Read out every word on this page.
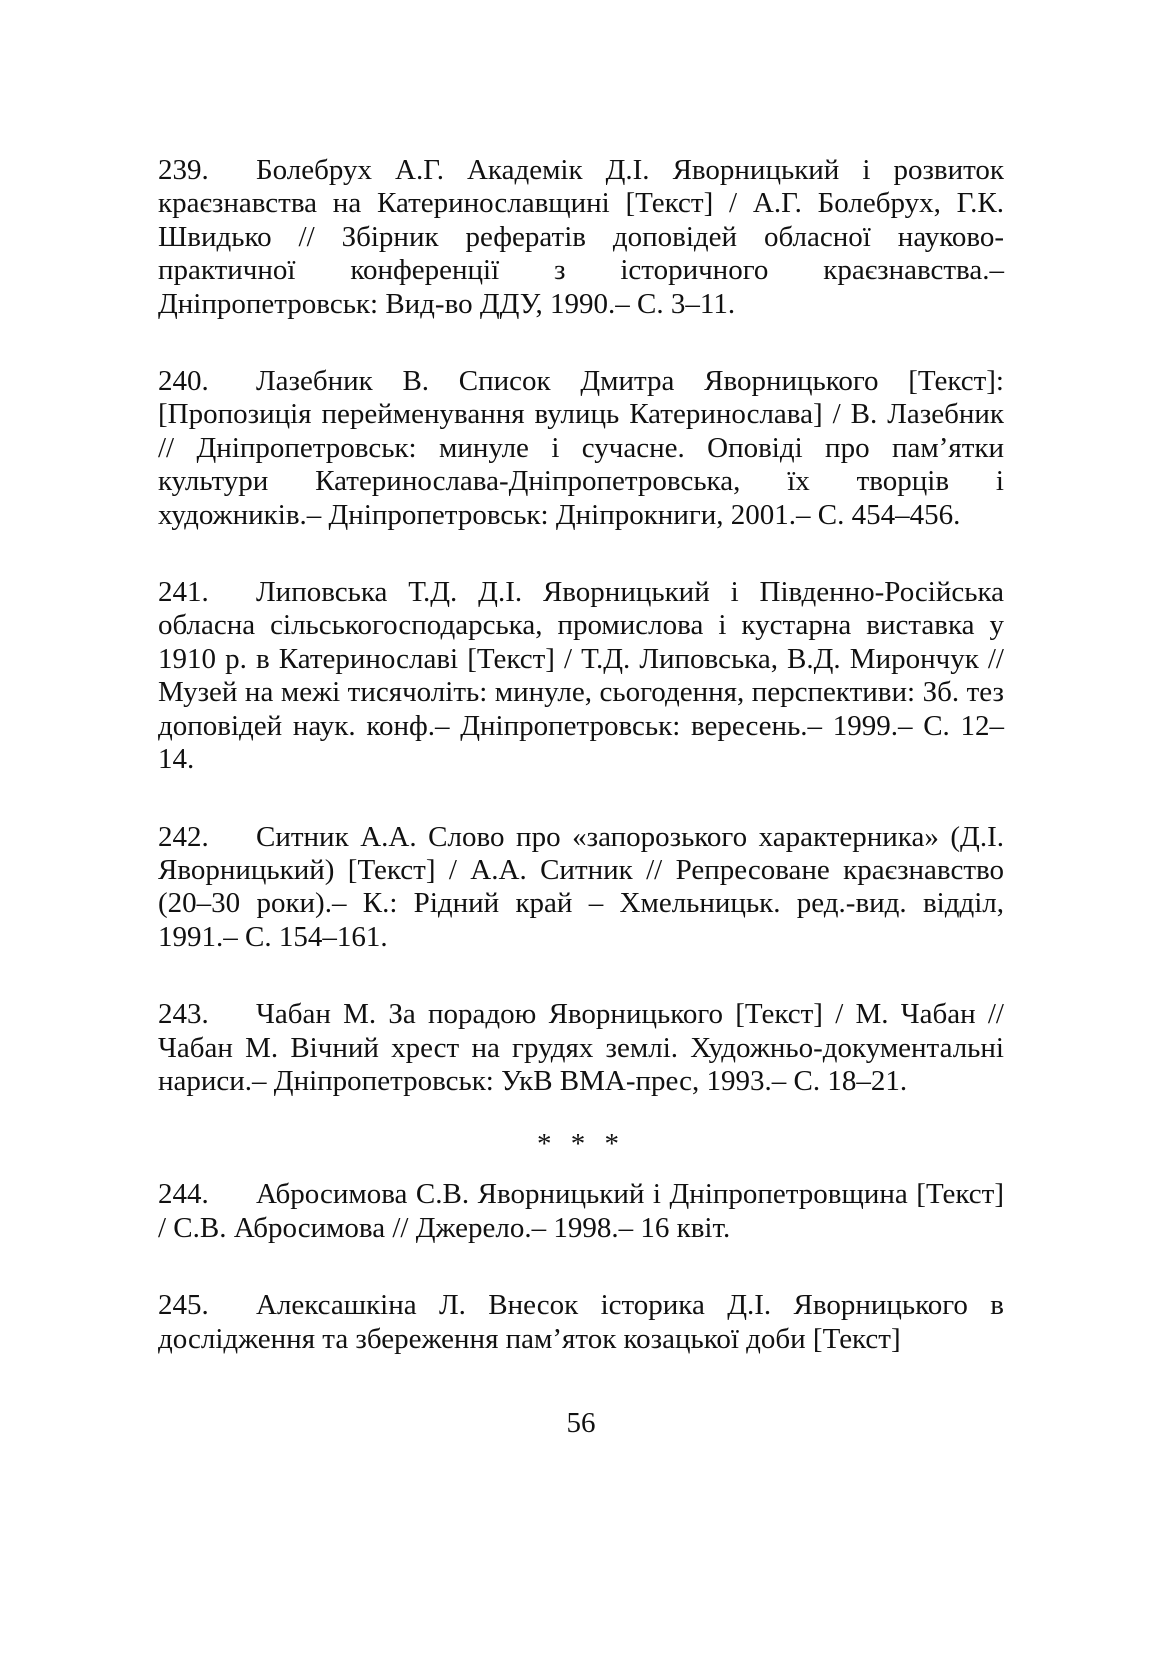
239. Болебрух А.Г. Академік Д.І. Яворницький і розвиток краєзнавства на Катеринославщині [Текст] / А.Г. Болебрух, Г.К. Швидько // Збірник рефератів доповідей обласної науково-практичної конференції з історичного краєзнавства.– Дніпропетровськ: Вид-во ДДУ, 1990.– С. 3–11.

240. Лазебник В. Список Дмитра Яворницького [Текст]: [Пропозиція перейменування вулиць Катеринослава] / В. Лазебник // Дніпропетровськ: минуле і сучасне. Оповіді про пам’ятки культури Катеринослава-Дніпропетровська, їх творців і художників.– Дніпропетровськ: Дніпрокниги, 2001.– С. 454–456.

241. Липовська Т.Д. Д.І. Яворницький і Південно-Російська обласна сільськогосподарська, промислова і кустарна виставка у 1910 р. в Катеринославі [Текст] / Т.Д. Липовська, В.Д. Мирончук // Музей на межі тисячоліть: минуле, сьогодення, перспективи: Зб. тез доповідей наук. конф.– Дніпропетровськ: вересень.– 1999.– С. 12–14.

242. Ситник А.А. Слово про «запорозького характерника» (Д.І. Яворницький) [Текст] / А.А. Ситник // Репресоване краєзнавство (20–30 роки).– К.: Рідний край – Хмельницьк. ред.-вид. відділ, 1991.– С. 154–161.

243. Чабан М. За порадою Яворницького [Текст] / М. Чабан // Чабан М. Вічний хрест на грудях землі. Художньо-документальні нариси.– Дніпропетровськ: УкВ ВМА-прес, 1993.– С. 18–21.

* * *

244. Абросимова С.В. Яворницький і Дніпропетровщина [Текст] / С.В. Абросимова // Джерело.– 1998.– 16 квіт.

245. Алексашкіна Л. Внесок історика Д.І. Яворницького в дослідження та збереження пам’яток козацької доби [Текст]

56
